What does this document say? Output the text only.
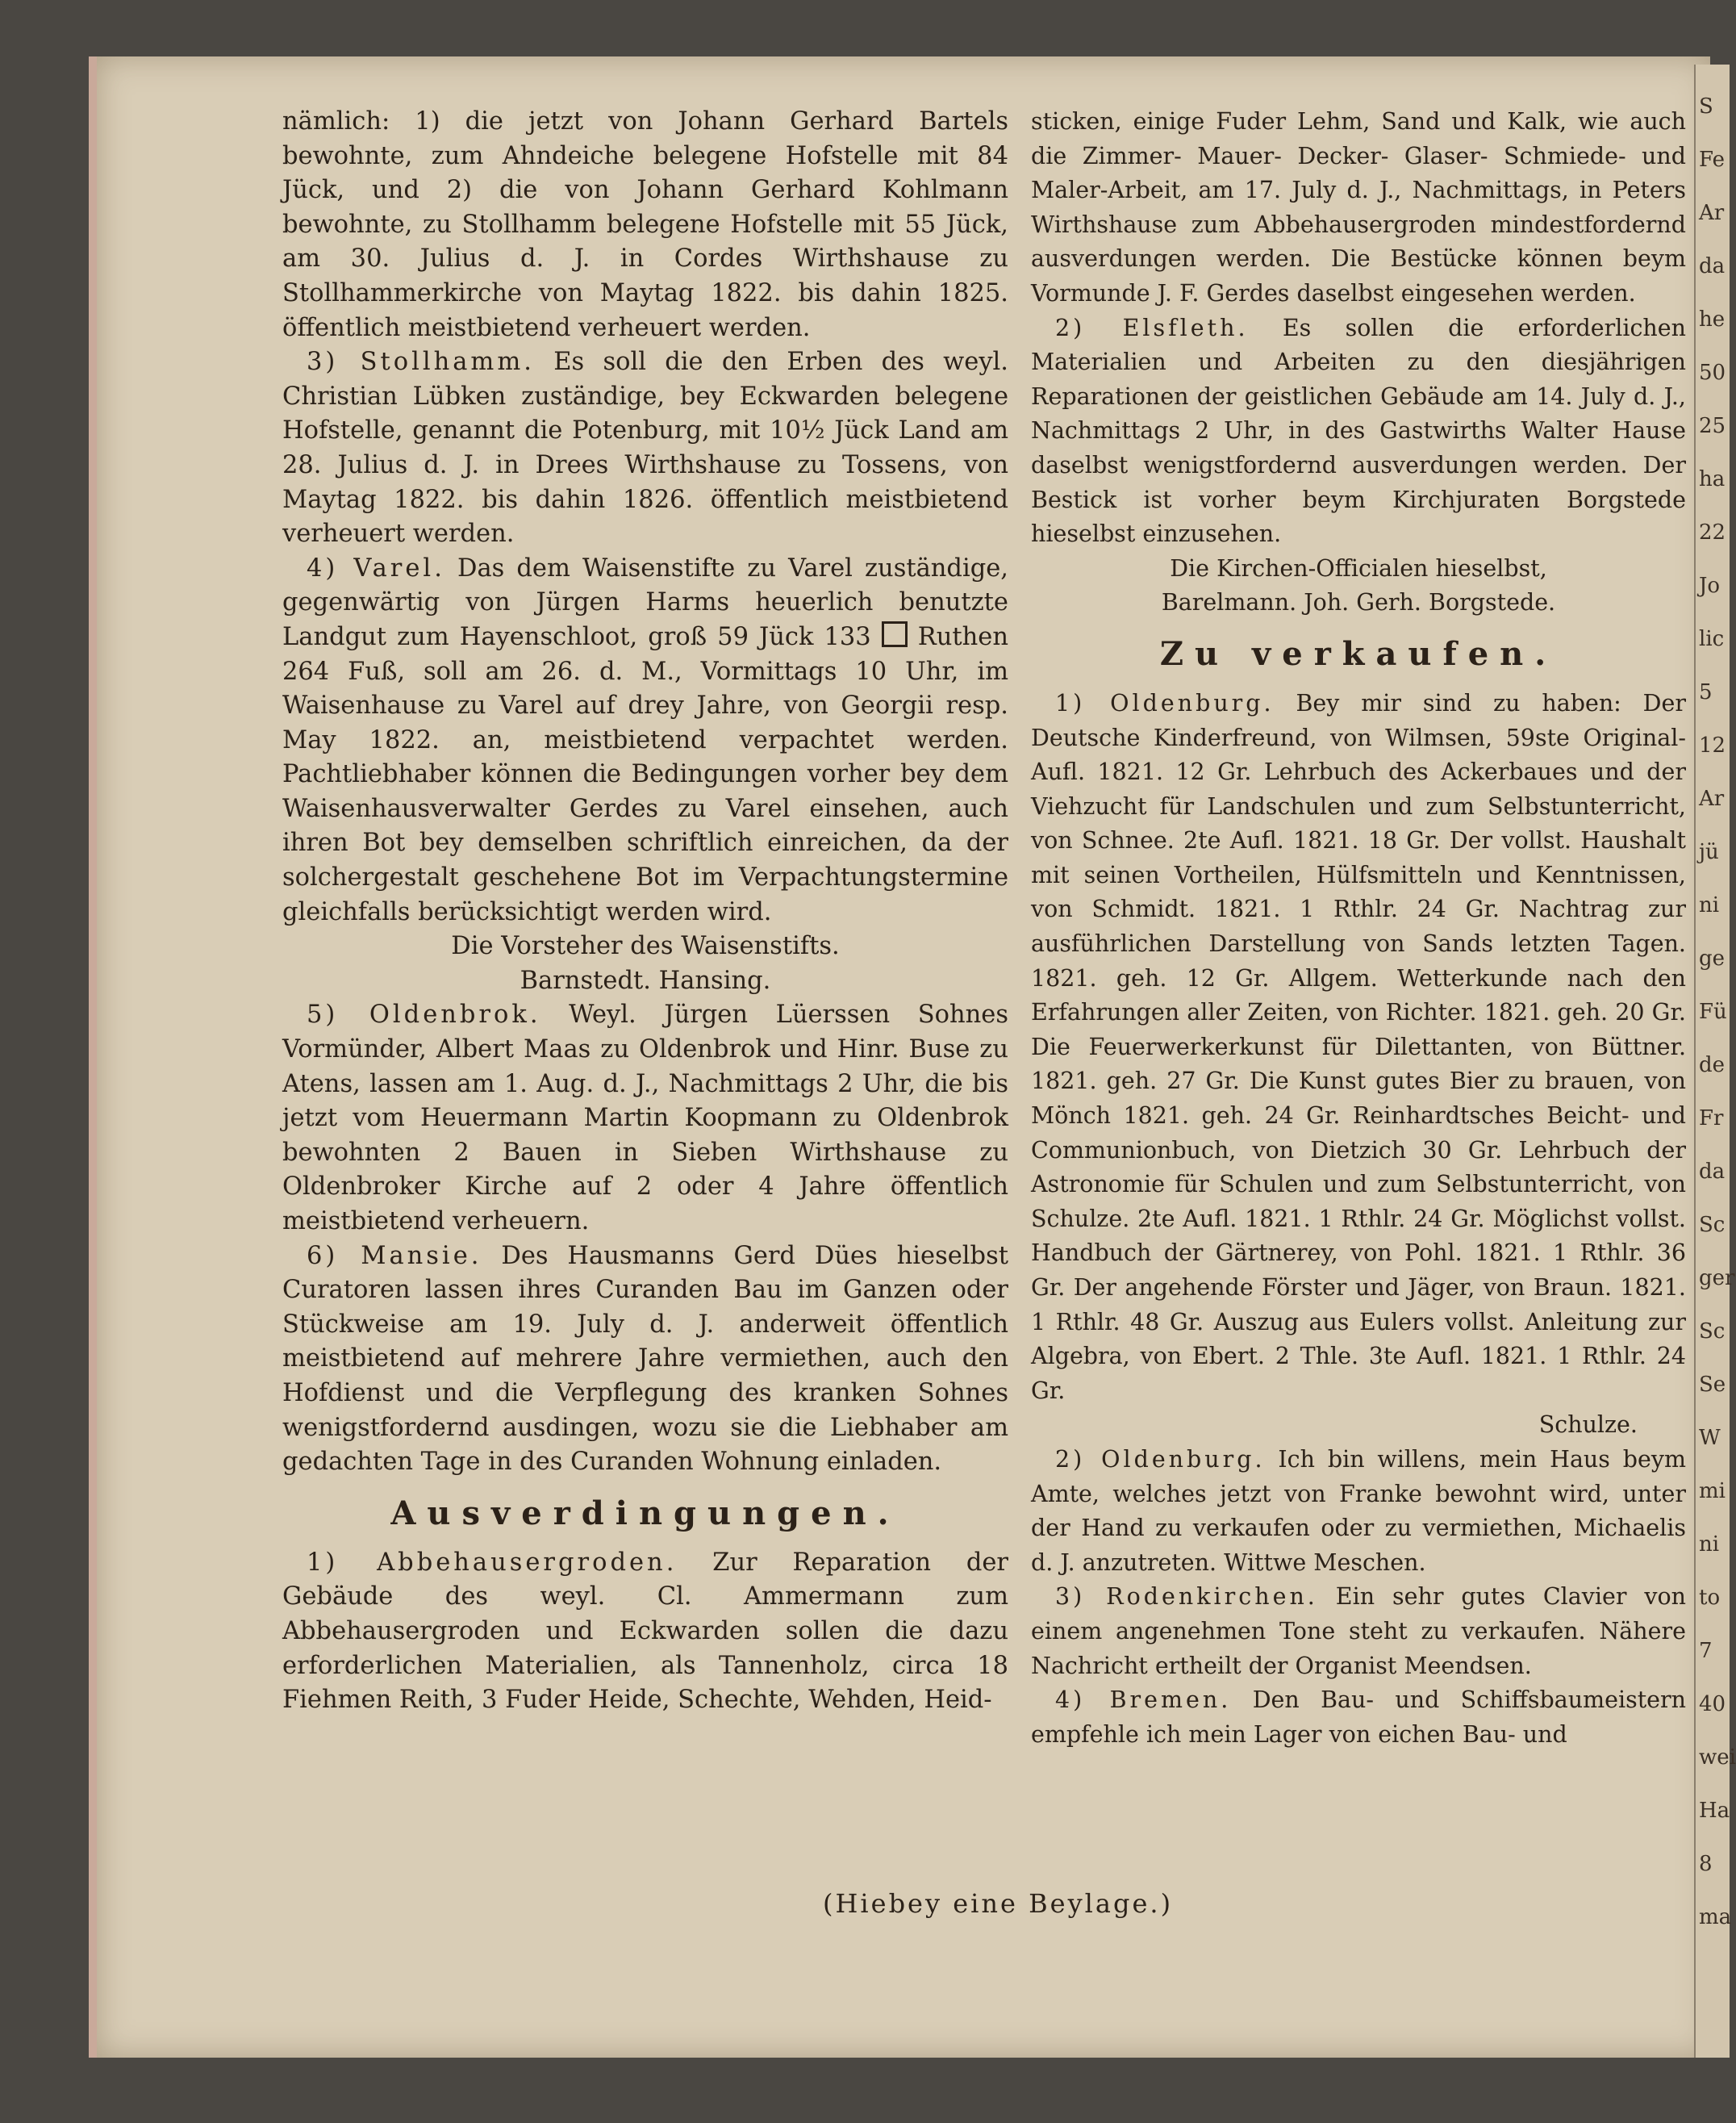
nämlich: 1) die jetzt von Johann Gerhard Bartels bewohnte, zum Ahndeiche belegene Hofstelle mit 84 Jück, und 2) die von Johann Gerhard Kohlmann bewohnte, zu Stollhamm belegene Hofstelle mit 55 Jück, am 30. Julius d. J. in Cordes Wirthshause zu Stollhammerkirche von Maytag 1822. bis dahin 1825. öffentlich meistbietend verheuert werden.

3) Stollhamm. Es soll die den Erben des weyl. Christian Lübken zuständige, bey Eckwarden belegene Hofstelle, genannt die Potenburg, mit 10½ Jück Land am 28. Julius d. J. in Drees Wirthshause zu Tossens, von Maytag 1822. bis dahin 1826. öffentlich meistbietend verheuert werden.

4) Varel. Das dem Waisenstifte zu Varel zuständige, gegenwärtig von Jürgen Harms heuerlich benutzte Landgut zum Hayenschloot, groß 59 Jück 133 Ruthen 264 Fuß, soll am 26. d. M., Vormittags 10 Uhr, im Waisenhause zu Varel auf drey Jahre, von Georgii resp. May 1822. an, meistbietend verpachtet werden. Pachtliebhaber können die Bedingungen vorher bey dem Waisenhausverwalter Gerdes zu Varel einsehen, auch ihren Bot bey demselben schriftlich einreichen, da der solchergestalt geschehene Bot im Verpachtungstermine gleichfalls berücksichtigt werden wird.

Die Vorsteher des Waisenstifts.

Barnstedt. Hansing.

5) Oldenbrok. Weyl. Jürgen Lüerssen Sohnes Vormünder, Albert Maas zu Oldenbrok und Hinr. Buse zu Atens, lassen am 1. Aug. d. J., Nachmittags 2 Uhr, die bis jetzt vom Heuermann Martin Koopmann zu Oldenbrok bewohnten 2 Bauen in Sieben Wirthshause zu Oldenbroker Kirche auf 2 oder 4 Jahre öffentlich meistbietend verheuern.

6) Mansie. Des Hausmanns Gerd Dües hieselbst Curatoren lassen ihres Curanden Bau im Ganzen oder Stückweise am 19. July d. J. anderweit öffentlich meistbietend auf mehrere Jahre vermiethen, auch den Hofdienst und die Verpflegung des kranken Sohnes wenigstfordernd ausdingen, wozu sie die Liebhaber am gedachten Tage in des Curanden Wohnung einladen.

Ausverdingungen.

1) Abbehausergroden. Zur Reparation der Gebäude des weyl. Cl. Ammermann zum Abbehausergroden und Eckwarden sollen die dazu erforderlichen Materialien, als Tannenholz, circa 18 Fiehmen Reith, 3 Fuder Heide, Schechte, Wehden, Heid-

sticken, einige Fuder Lehm, Sand und Kalk, wie auch die Zimmer- Mauer- Decker- Glaser- Schmiede- und Maler-Arbeit, am 17. July d. J., Nachmittags, in Peters Wirthshause zum Abbehausergroden mindestfordernd ausverdungen werden. Die Bestücke können beym Vormunde J. F. Gerdes daselbst eingesehen werden.

2) Elsfleth. Es sollen die erforderlichen Materialien und Arbeiten zu den diesjährigen Reparationen der geistlichen Gebäude am 14. July d. J., Nachmittags 2 Uhr, in des Gastwirths Walter Hause daselbst wenigstfordernd ausverdungen werden. Der Bestick ist vorher beym Kirchjuraten Borgstede hieselbst einzusehen.

Die Kirchen-Officialen hieselbst,

Barelmann. Joh. Gerh. Borgstede.

Zu verkaufen.

1) Oldenburg. Bey mir sind zu haben: Der Deutsche Kinderfreund, von Wilmsen, 59ste Original-Aufl. 1821. 12 Gr. Lehrbuch des Ackerbaues und der Viehzucht für Landschulen und zum Selbstunterricht, von Schnee. 2te Aufl. 1821. 18 Gr. Der vollst. Haushalt mit seinen Vortheilen, Hülfsmitteln und Kenntnissen, von Schmidt. 1821. 1 Rthlr. 24 Gr. Nachtrag zur ausführlichen Darstellung von Sands letzten Tagen. 1821. geh. 12 Gr. Allgem. Wetterkunde nach den Erfahrungen aller Zeiten, von Richter. 1821. geh. 20 Gr. Die Feuerwerkerkunst für Dilettanten, von Büttner. 1821. geh. 27 Gr. Die Kunst gutes Bier zu brauen, von Mönch 1821. geh. 24 Gr. Reinhardtsches Beicht- und Communionbuch, von Dietzich 30 Gr. Lehrbuch der Astronomie für Schulen und zum Selbstunterricht, von Schulze. 2te Aufl. 1821. 1 Rthlr. 24 Gr. Möglichst vollst. Handbuch der Gärtnerey, von Pohl. 1821. 1 Rthlr. 36 Gr. Der angehende Förster und Jäger, von Braun. 1821. 1 Rthlr. 48 Gr. Auszug aus Eulers vollst. Anleitung zur Algebra, von Ebert. 2 Thle. 3te Aufl. 1821. 1 Rthlr. 24 Gr.

Schulze.

2) Oldenburg. Ich bin willens, mein Haus beym Amte, welches jetzt von Franke bewohnt wird, unter der Hand zu verkaufen oder zu vermiethen, Michaelis d. J. anzutreten. Wittwe Meschen.

3) Rodenkirchen. Ein sehr gutes Clavier von einem angenehmen Tone steht zu verkaufen. Nähere Nachricht ertheilt der Organist Meendsen.

4) Bremen. Den Bau- und Schiffsbaumeistern empfehle ich mein Lager von eichen Bau- und

(Hiebey eine Beylage.)
S
Fe
Ar
da
he
50
25
ha
22
Jo
lic
5
12
Ar
jü
ni
ge
Fü
de
Fr
da
Sc
ger
Sc
Se
W
mi
ni
to
7
40
wei
Ha
8
ma
